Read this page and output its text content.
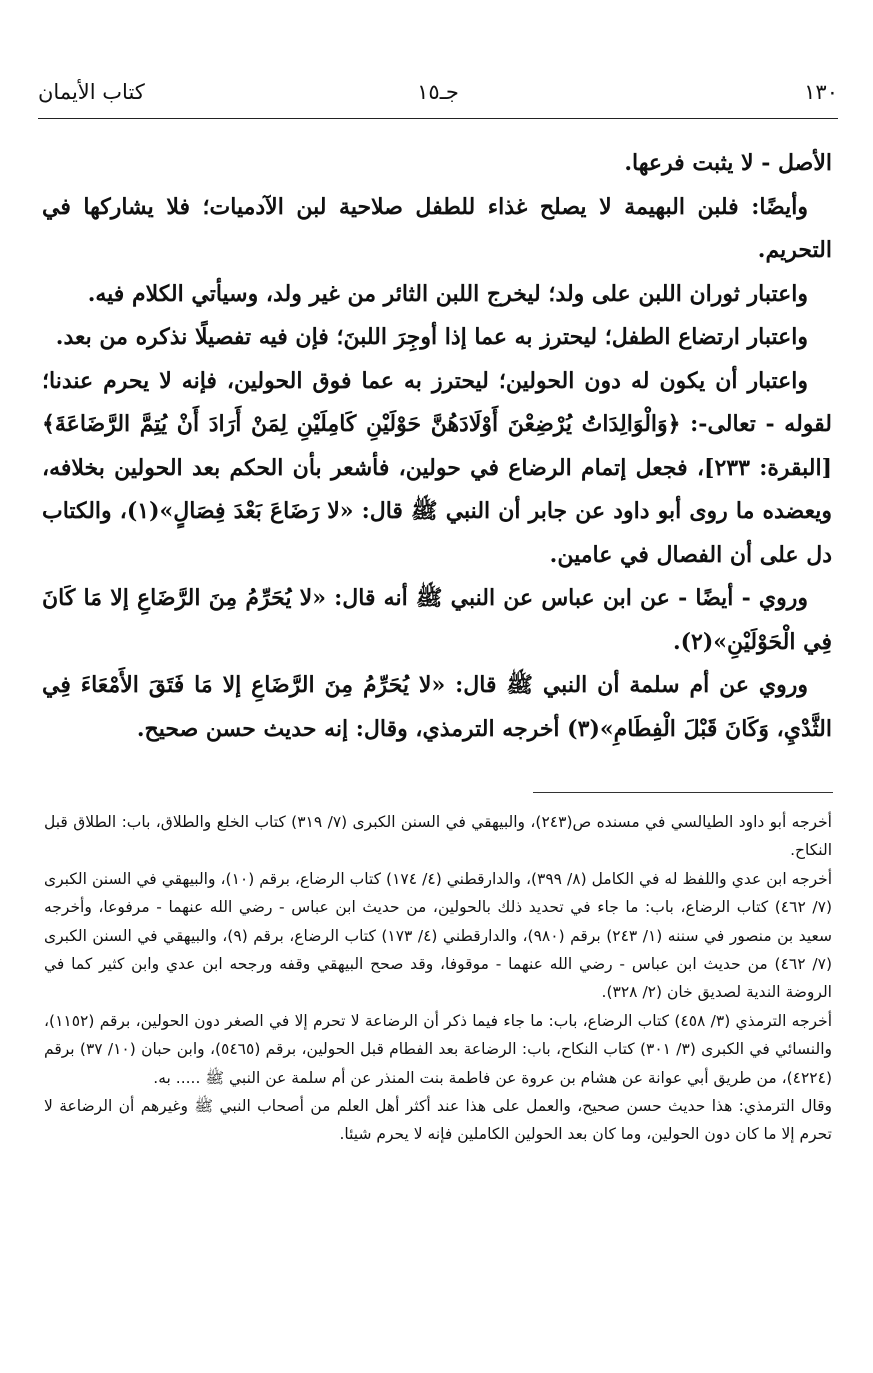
١٣٠
جـ١٥
كتاب الأيمان

الأصل - لا يثبت فرعها.

وأيضًا: فلبن البهيمة لا يصلح غذاء للطفل صلاحية لبن الآدميات؛ فلا يشاركها في التحريم.

واعتبار ثوران اللبن على ولد؛ ليخرج اللبن الثائر من غير ولد، وسيأتي الكلام فيه.

واعتبار ارتضاع الطفل؛ ليحترز به عما إذا أوجِرَ اللبنَ؛ فإن فيه تفصيلًا نذكره من بعد.

واعتبار أن يكون له دون الحولين؛ ليحترز به عما فوق الحولين، فإنه لا يحرم عندنا؛ لقوله - تعالى-: ﴿وَالْوَالِدَاتُ يُرْضِعْنَ أَوْلَادَهُنَّ حَوْلَيْنِ كَامِلَيْنِ لِمَنْ أَرَادَ أَنْ يُتِمَّ الرَّضَاعَةَ﴾ [البقرة: ٢٣٣]، فجعل إتمام الرضاع في حولين، فأشعر بأن الحكم بعد الحولين بخلافه، ويعضده ما روى أبو داود عن جابر أن النبي ﷺ قال: «لا رَضَاعَ بَعْدَ فِصَالٍ»(١)، والكتاب دل على أن الفصال في عامين.

وروي - أيضًا - عن ابن عباس عن النبي ﷺ أنه قال: «لا يُحَرِّمُ مِنَ الرَّضَاعِ إلا مَا كَانَ فِي الْحَوْلَيْنِ»(٢).

وروي عن أم سلمة أن النبي ﷺ قال: «لا يُحَرِّمُ مِنَ الرَّضَاعِ إلا مَا فَتَقَ الأَمْعَاءَ فِي الثَّدْيِ، وَكَانَ قَبْلَ الْفِطَامِ»(٣) أخرجه الترمذي، وقال: إنه حديث حسن صحيح.

أخرجه أبو داود الطيالسي في مسنده ص(٢٤٣)، والبيهقي في السنن الكبرى (٧/ ٣١٩) كتاب الخلع والطلاق، باب: الطلاق قبل النكاح.

أخرجه ابن عدي واللفظ له في الكامل (٨/ ٣٩٩)، والدارقطني (٤/ ١٧٤) كتاب الرضاع، برقم (١٠)، والبيهقي في السنن الكبرى (٧/ ٤٦٢) كتاب الرضاع، باب: ما جاء في تحديد ذلك بالحولين، من حديث ابن عباس - رضي الله عنهما - مرفوعا، وأخرجه سعيد بن منصور في سننه (١/ ٢٤٣) برقم (٩٨٠)، والدارقطني (٤/ ١٧٣) كتاب الرضاع، برقم (٩)، والبيهقي في السنن الكبرى (٧/ ٤٦٢) من حديث ابن عباس - رضي الله عنهما - موقوفا، وقد صحح البيهقي وقفه ورجحه ابن عدي وابن كثير كما في الروضة الندية لصديق خان (٢/ ٣٢٨).

أخرجه الترمذي (٣/ ٤٥٨) كتاب الرضاع، باب: ما جاء فيما ذكر أن الرضاعة لا تحرم إلا في الصغر دون الحولين، برقم (١١٥٢)، والنسائي في الكبرى (٣/ ٣٠١) كتاب النكاح، باب: الرضاعة بعد الفطام قبل الحولين، برقم (٥٤٦٥)، وابن حبان (١٠/ ٣٧) برقم (٤٢٢٤)، من طريق أبي عوانة عن هشام بن عروة عن فاطمة بنت المنذر عن أم سلمة عن النبي ﷺ ..... به.

وقال الترمذي: هذا حديث حسن صحيح، والعمل على هذا عند أكثر أهل العلم من أصحاب النبي ﷺ وغيرهم أن الرضاعة لا تحرم إلا ما كان دون الحولين، وما كان بعد الحولين الكاملين فإنه لا يحرم شيئا.
